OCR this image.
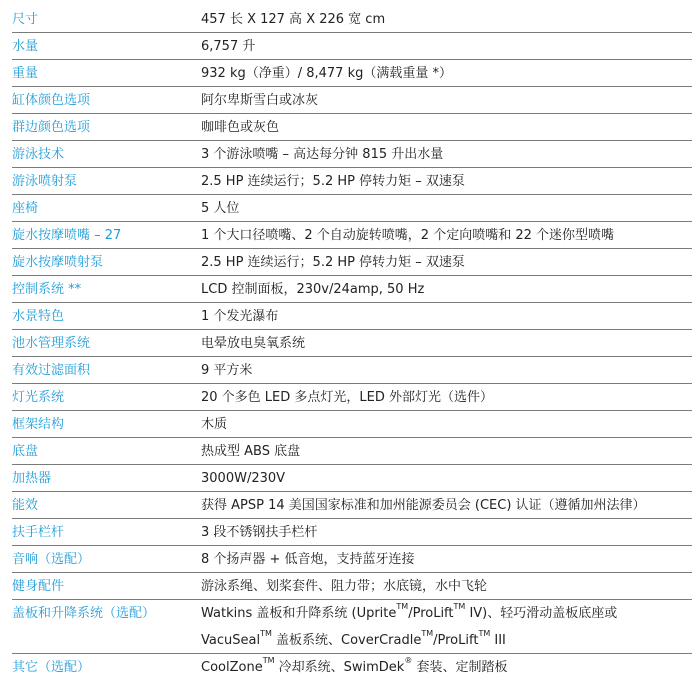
尺寸	457 长 X 127 高 X 226 宽 cm
水量	6,757 升
重量	932 kg（净重）/ 8,477 kg（满载重量 *）
缸体颜色选项	阿尔卑斯雪白或冰灰
群边颜色选项	咖啡色或灰色
游泳技术	3 个游泳喷嘴 – 高达每分钟 815 升出水量
游泳喷射泵	2.5 HP 连续运行；5.2 HP 停转力矩 – 双速泵
座椅	5 人位
旋水按摩喷嘴 – 27	1 个大口径喷嘴、2 个自动旋转喷嘴，2 个定向喷嘴和 22 个迷你型喷嘴
旋水按摩喷射泵	2.5 HP 连续运行；5.2 HP 停转力矩 – 双速泵
控制系统 **	LCD 控制面板，230v/24amp, 50 Hz
水景特色	1 个发光瀑布
池水管理系统	电晕放电臭氧系统
有效过滤面积	9 平方米
灯光系统	20 个多色 LED 多点灯光，LED 外部灯光（选件）
框架结构	木质
底盘	热成型 ABS 底盘
加热器	3000W/230V
能效	获得 APSP 14 美国国家标准和加州能源委员会 (CEC) 认证（遵循加州法律）
扶手栏杆	3 段不锈钢扶手栏杆
音响（选配）	8 个扬声器 + 低音炮，支持蓝牙连接
健身配件	游泳系绳、划桨套件、阻力带；水底镜，水中飞轮
盖板和升降系统（选配）	Watkins 盖板和升降系统 (Uprite™/ProLift™ IV)、轻巧滑动盖板底座或
VacuSeal™ 盖板系统、CoverCradle™/ProLift™ III
其它（选配）	CoolZone™ 冷却系统、SwimDek® 套装、定制踏板
